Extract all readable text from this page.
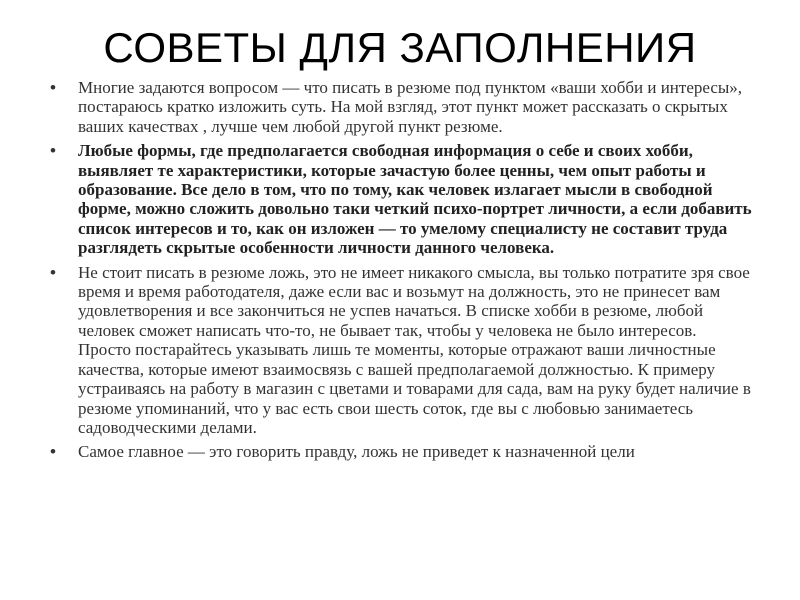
СОВЕТЫ ДЛЯ ЗАПОЛНЕНИЯ
• Многие задаются вопросом — что писать в резюме под пунктом «ваши хобби и интересы», постараюсь кратко изложить суть. На мой взгляд, этот пункт может рассказать о скрытых ваших качествах , лучше чем любой другой пункт резюме.
• Любые формы, где предполагается свободная информация о себе и своих хобби, выявляет те характеристики, которые зачастую более ценны, чем опыт работы и образование. Все дело в том, что по тому, как человек излагает мысли в свободной форме, можно сложить довольно таки четкий психо-портрет личности, а если добавить список интересов и то, как он изложен — то умелому специалисту не составит труда разглядеть скрытые особенности личности данного человека.
• Не стоит писать в резюме ложь, это не имеет никакого смысла, вы только потратите зря свое время и время работодателя, даже если вас и возьмут на должность, это не принесет вам удовлетворения и все закончиться не успев начаться. В списке хобби в резюме, любой человек сможет написать что-то, не бывает так, чтобы у человека не было интересов. Просто постарайтесь указывать лишь те моменты, которые отражают ваши личностные качества, которые имеют взаимосвязь с вашей предполагаемой должностью. К примеру устраиваясь на работу в магазин с цветами и товарами для сада, вам на руку будет наличие в резюме упоминаний, что у вас есть свои шесть соток, где вы с любовью занимаетесь садоводческими делами.
• Самое главное — это говорить правду, ложь не приведет к назначенной цели
